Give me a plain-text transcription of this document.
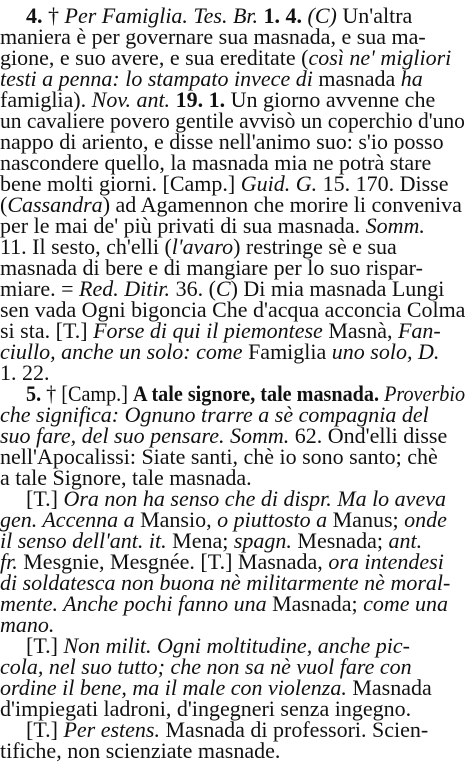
4. † Per Famiglia. Tes. Br. 1. 4. (C) Un'altra
maniera è per governare sua masnada, e sua ma-
gione, e suo avere, e sua ereditate (così ne' migliori
testi a penna: lo stampato invece di masnada ha
famiglia). Nov. ant. 19. 1. Un giorno avvenne che
un cavaliere povero gentile avvisò un coperchio d'uno
nappo di ariento, e disse nell'animo suo: s'io posso
nascondere quello, la masnada mia ne potrà stare
bene molti giorni. [Camp.] Guid. G. 15. 170. Disse
(Cassandra) ad Agamennon che morire li conveniva
per le mai de' più privati di sua masnada. Somm.
11. Il sesto, ch'elli (l'avaro) restringe sè e sua
masnada di bere e di mangiare per lo suo rispar-
miare. = Red. Ditir. 36. (C) Di mia masnada Lungi
sen vada Ogni bigoncia Che d'acqua acconcia Colma
si sta. [T.] Forse di qui il piemontese Masnà, Fan-
ciullo, anche un solo: come Famiglia uno solo, D.
1. 22.
5. † [Camp.] A tale signore, tale masnada. Proverbio
che significa: Ognuno trarre a sè compagnia del
suo fare, del suo pensare. Somm. 62. Ond'elli disse
nell'Apocalissi: Siate santi, chè io sono santo; chè
a tale Signore, tale masnada.
[T.] Ora non ha senso che di dispr. Ma lo aveva
gen. Accenna a Mansio, o piuttosto a Manus; onde
il senso dell'ant. it. Mena; spagn. Mesnada; ant.
fr. Mesgnie, Mesgnée. [T.] Masnada, ora intendesi
di soldatesca non buona nè militarmente nè moral-
mente. Anche pochi fanno una Masnada; come una
mano.
[T.] Non milit. Ogni moltitudine, anche pic-
cola, nel suo tutto; che non sa nè vuol fare con
ordine il bene, ma il male con violenza. Masnada
d'impiegati ladroni, d'ingegneri senza ingegno.
[T.] Per estens. Masnada di professori. Scien-
tifiche, non scienziate masnade.
